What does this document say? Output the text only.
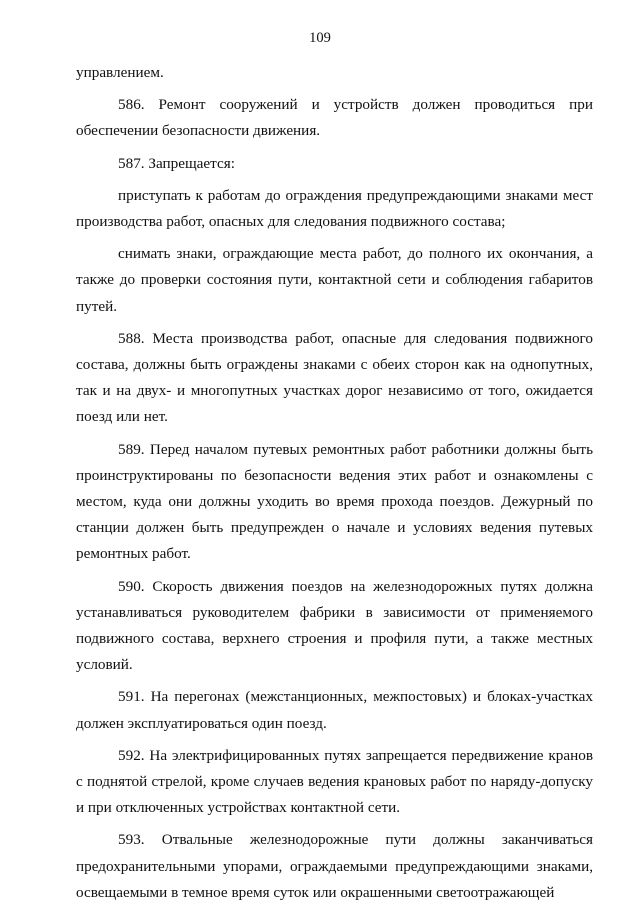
109

управлением.

586. Ремонт сооружений и устройств должен проводиться при обеспечении безопасности движения.

587. Запрещается:

приступать к работам до ограждения предупреждающими знаками мест производства работ, опасных для следования подвижного состава;

снимать знаки, ограждающие места работ, до полного их окончания, а также до проверки состояния пути, контактной сети и соблюдения габаритов путей.

588. Места производства работ, опасные для следования подвижного состава, должны быть ограждены знаками с обеих сторон как на однопутных, так и на двух- и многопутных участках дорог независимо от того, ожидается поезд или нет.

589. Перед началом путевых ремонтных работ работники должны быть проинструктированы по безопасности ведения этих работ и ознакомлены с местом, куда они должны уходить во время прохода поездов. Дежурный по станции должен быть предупрежден о начале и условиях ведения путевых ремонтных работ.

590. Скорость движения поездов на железнодорожных путях должна устанавливаться руководителем фабрики в зависимости от применяемого подвижного состава, верхнего строения и профиля пути, а также местных условий.

591. На перегонах (межстанционных, межпостовых) и блоках-участках должен эксплуатироваться один поезд.

592. На электрифицированных путях запрещается передвижение кранов с поднятой стрелой, кроме случаев ведения крановых работ по наряду-допуску и при отключенных устройствах контактной сети.

593. Отвальные железнодорожные пути должны заканчиваться предохранительными упорами, ограждаемыми предупреждающими знаками, освещаемыми в темное время суток или окрашенными светоотражающей
